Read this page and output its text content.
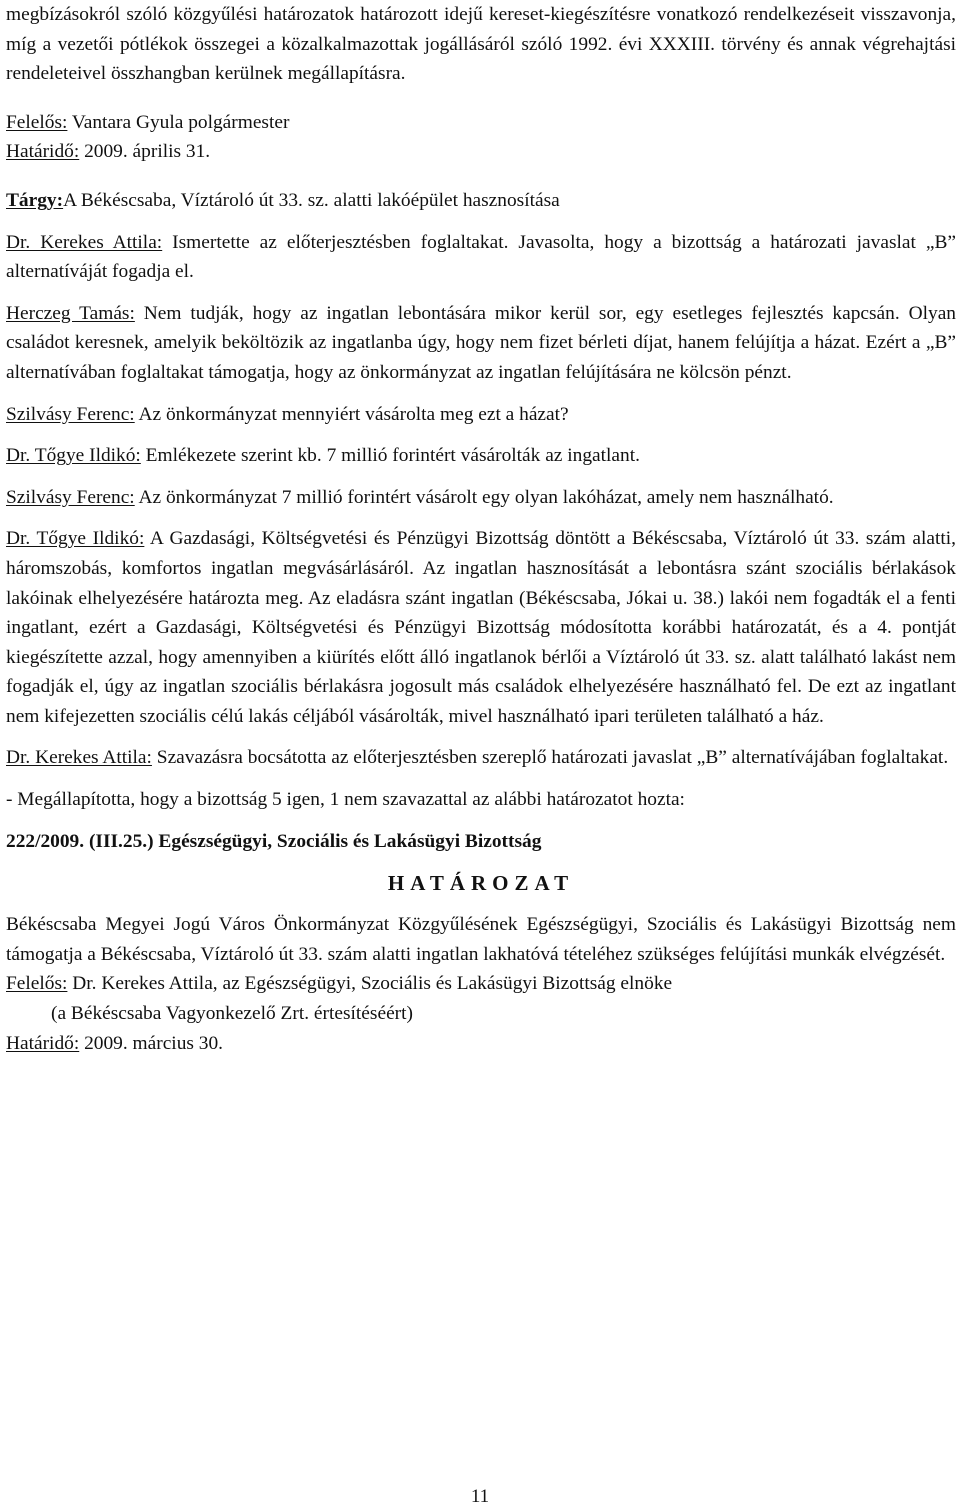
megbízásokról szóló közgyűlési határozatok határozott idejű kereset-kiegészítésre vonatkozó rendelkezéseit visszavonja, míg a vezetői pótlékok összegei a közalkalmazottak jogállásáról szóló 1992. évi XXXIII. törvény és annak végrehajtási rendeleteivel összhangban kerülnek megállapításra.

Felelős: Vantara Gyula polgármester

Határidő: 2009. április 31.

Tárgy:A Békéscsaba, Víztároló út 33. sz. alatti lakóépület hasznosítása

Dr. Kerekes Attila: Ismertette az előterjesztésben foglaltakat. Javasolta, hogy a bizottság a határozati javaslat „B” alternatíváját fogadja el.

Herczeg Tamás: Nem tudják, hogy az ingatlan lebontására mikor kerül sor, egy esetleges fejlesztés kapcsán. Olyan családot keresnek, amelyik beköltözik az ingatlanba úgy, hogy nem fizet bérleti díjat, hanem felújítja a házat. Ezért a „B” alternatívában foglaltakat támogatja, hogy az önkormányzat az ingatlan felújítására ne kölcsön pénzt.

Szilvásy Ferenc: Az önkormányzat mennyiért vásárolta meg ezt a házat?

Dr. Tőgye Ildikó: Emlékezete szerint kb. 7 millió forintért vásárolták az ingatlant.

Szilvásy Ferenc: Az önkormányzat 7 millió forintért vásárolt egy olyan lakóházat, amely nem használható.

Dr. Tőgye Ildikó: A Gazdasági, Költségvetési és Pénzügyi Bizottság döntött a Békéscsaba, Víztároló út 33. szám alatti, háromszobás, komfortos ingatlan megvásárlásáról. Az ingatlan hasznosítását a lebontásra szánt szociális bérlakások lakóinak elhelyezésére határozta meg. Az eladásra szánt ingatlan (Békéscsaba, Jókai u. 38.) lakói nem fogadták el a fenti ingatlant, ezért a Gazdasági, Költségvetési és Pénzügyi Bizottság módosította korábbi határozatát, és a 4. pontját kiegészítette azzal, hogy amennyiben a kiürítés előtt álló ingatlanok bérlői a Víztároló út 33. sz. alatt található lakást nem fogadják el, úgy az ingatlan szociális bérlakásra jogosult más családok elhelyezésére használható fel. De ezt az ingatlant nem kifejezetten szociális célú lakás céljából vásárolták, mivel használható ipari területen található a ház.

Dr. Kerekes Attila: Szavazásra bocsátotta az előterjesztésben szereplő határozati javaslat „B” alternatívájában foglaltakat.

- Megállapította, hogy a bizottság 5 igen, 1 nem szavazattal az alábbi határozatot hozta:

222/2009. (III.25.) Egészségügyi, Szociális és Lakásügyi Bizottság

HATÁROZAT

Békéscsaba Megyei Jogú Város Önkormányzat Közgyűlésének Egészségügyi, Szociális és Lakásügyi Bizottság nem támogatja a Békéscsaba, Víztároló út 33. szám alatti ingatlan lakhatóvá tételéhez szükséges felújítási munkák elvégzését.

Felelős: Dr. Kerekes Attila, az Egészségügyi, Szociális és Lakásügyi Bizottság elnöke

(a Békéscsaba Vagyonkezelő Zrt. értesítéséért)

Határidő: 2009. március 30.

11
